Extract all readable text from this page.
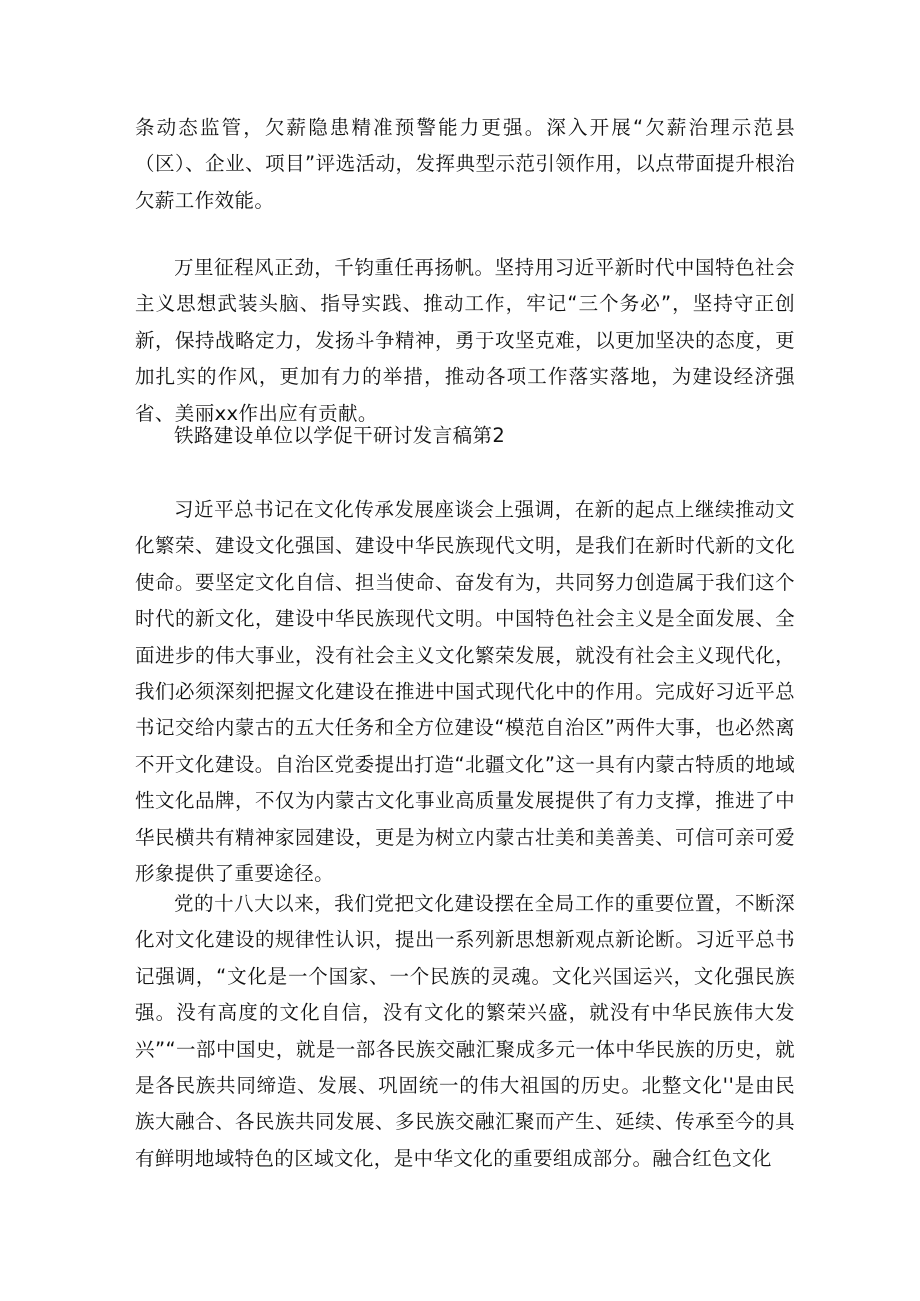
条动态监管，欠薪隐患精准预警能力更强。深入开展“欠薪治理示范县（区）、企业、项目”评选活动，发挥典型示范引领作用，以点带面提升根治欠薪工作效能。

万里征程风正劲，千钧重任再扬帆。坚持用习近平新时代中国特色社会主义思想武装头脑、指导实践、推动工作，牢记“三个务必”，坚持守正创新，保持战略定力，发扬斗争精神，勇于攻坚克难，以更加坚决的态度，更加扎实的作风，更加有力的举措，推动各项工作落实落地，为建设经济强省、美丽xx作出应有贡献。

铁路建设单位以学促干研讨发言稿第2

习近平总书记在文化传承发展座谈会上强调，在新的起点上继续推动文化繁荣、建设文化强国、建设中华民族现代文明，是我们在新时代新的文化使命。要坚定文化自信、担当使命、奋发有为，共同努力创造属于我们这个时代的新文化，建设中华民族现代文明。中国特色社会主义是全面发展、全面进步的伟大事业，没有社会主义文化繁荣发展，就没有社会主义现代化，我们必须深刻把握文化建设在推进中国式现代化中的作用。完成好习近平总书记交给内蒙古的五大任务和全方位建设“模范自治区”两件大事，也必然离不开文化建设。自治区党委提出打造“北疆文化”这一具有内蒙古特质的地域性文化品牌，不仅为内蒙古文化事业高质量发展提供了有力支撑，推进了中华民横共有精神家园建设，更是为树立内蒙古壮美和美善美、可信可亲可爱形象提供了重要途径。

党的十八大以来，我们党把文化建设摆在全局工作的重要位置，不断深化对文化建设的规律性认识，提出一系列新思想新观点新论断。习近平总书记强调，“文化是一个国家、一个民族的灵魂。文化兴国运兴，文化强民族强。没有高度的文化自信，没有文化的繁荣兴盛，就没有中华民族伟大发兴”“一部中国史，就是一部各民族交融汇聚成多元一体中华民族的历史，就是各民族共同缔造、发展、巩固统一的伟大祖国的历史。北整文化''是由民族大融合、各民族共同发展、多民族交融汇聚而产生、延续、传承至今的具有鲜明地域特色的区域文化，是中华文化的重要组成部分。融合红色文化
